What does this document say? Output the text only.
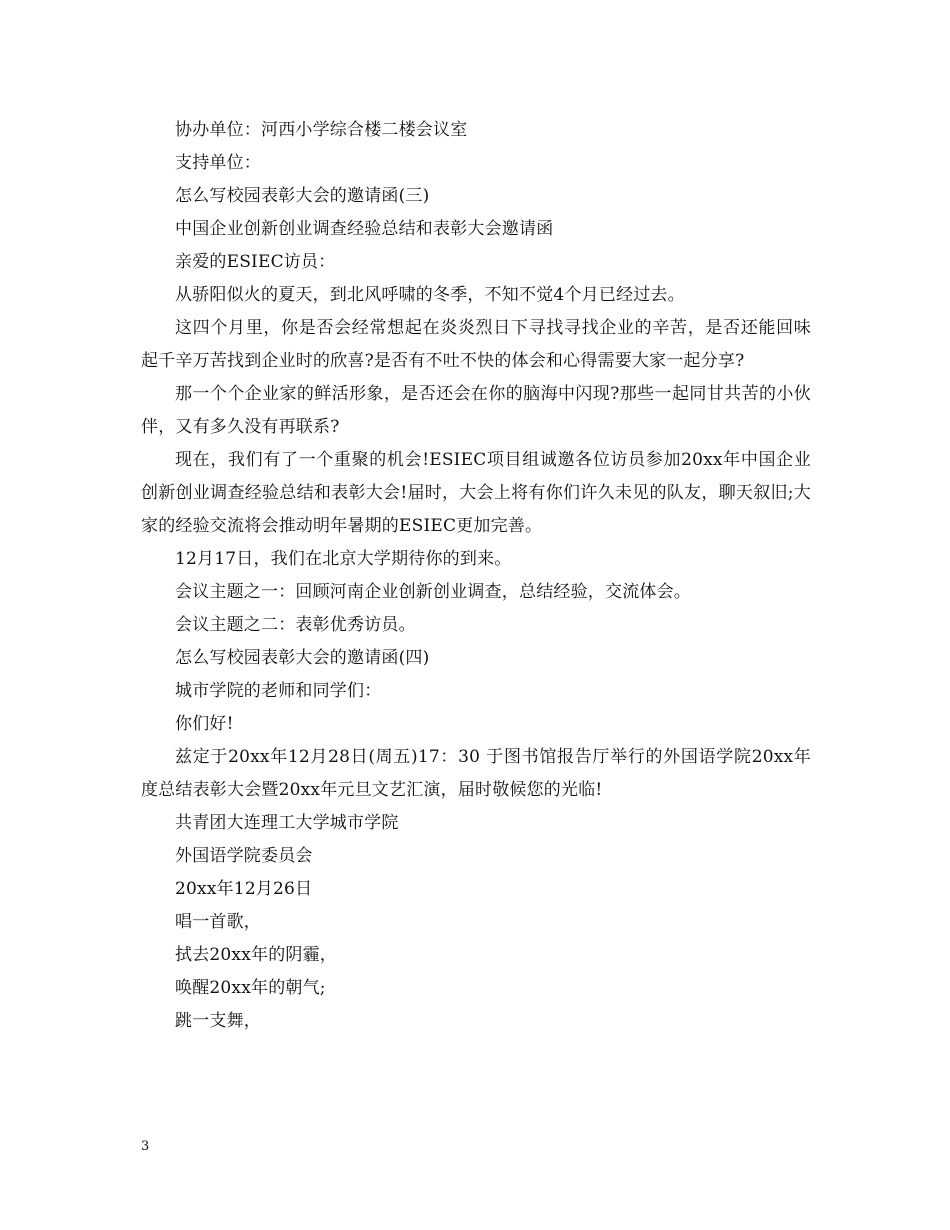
协办单位：河西小学综合楼二楼会议室

支持单位：

怎么写校园表彰大会的邀请函(三)

中国企业创新创业调查经验总结和表彰大会邀请函

亲爱的ESIEC访员：

从骄阳似火的夏天，到北风呼啸的冬季，不知不觉4个月已经过去。

这四个月里，你是否会经常想起在炎炎烈日下寻找寻找企业的辛苦，是否还能回味起千辛万苦找到企业时的欣喜?是否有不吐不快的体会和心得需要大家一起分享?

那一个个企业家的鲜活形象，是否还会在你的脑海中闪现?那些一起同甘共苦的小伙伴，又有多久没有再联系?

现在，我们有了一个重聚的机会!ESIEC项目组诚邀各位访员参加20xx年中国企业创新创业调查经验总结和表彰大会!届时，大会上将有你们许久未见的队友，聊天叙旧;大家的经验交流将会推动明年暑期的ESIEC更加完善。

12月17日，我们在北京大学期待你的到来。

会议主题之一：回顾河南企业创新创业调查，总结经验，交流体会。

会议主题之二：表彰优秀访员。

怎么写校园表彰大会的邀请函(四)

城市学院的老师和同学们：

你们好!

兹定于20xx年12月28日(周五)17：30 于图书馆报告厅举行的外国语学院20xx年度总结表彰大会暨20xx年元旦文艺汇演，届时敬候您的光临!

共青团大连理工大学城市学院

外国语学院委员会

20xx年12月26日

唱一首歌，

拭去20xx年的阴霾，

唤醒20xx年的朝气;

跳一支舞，

3
